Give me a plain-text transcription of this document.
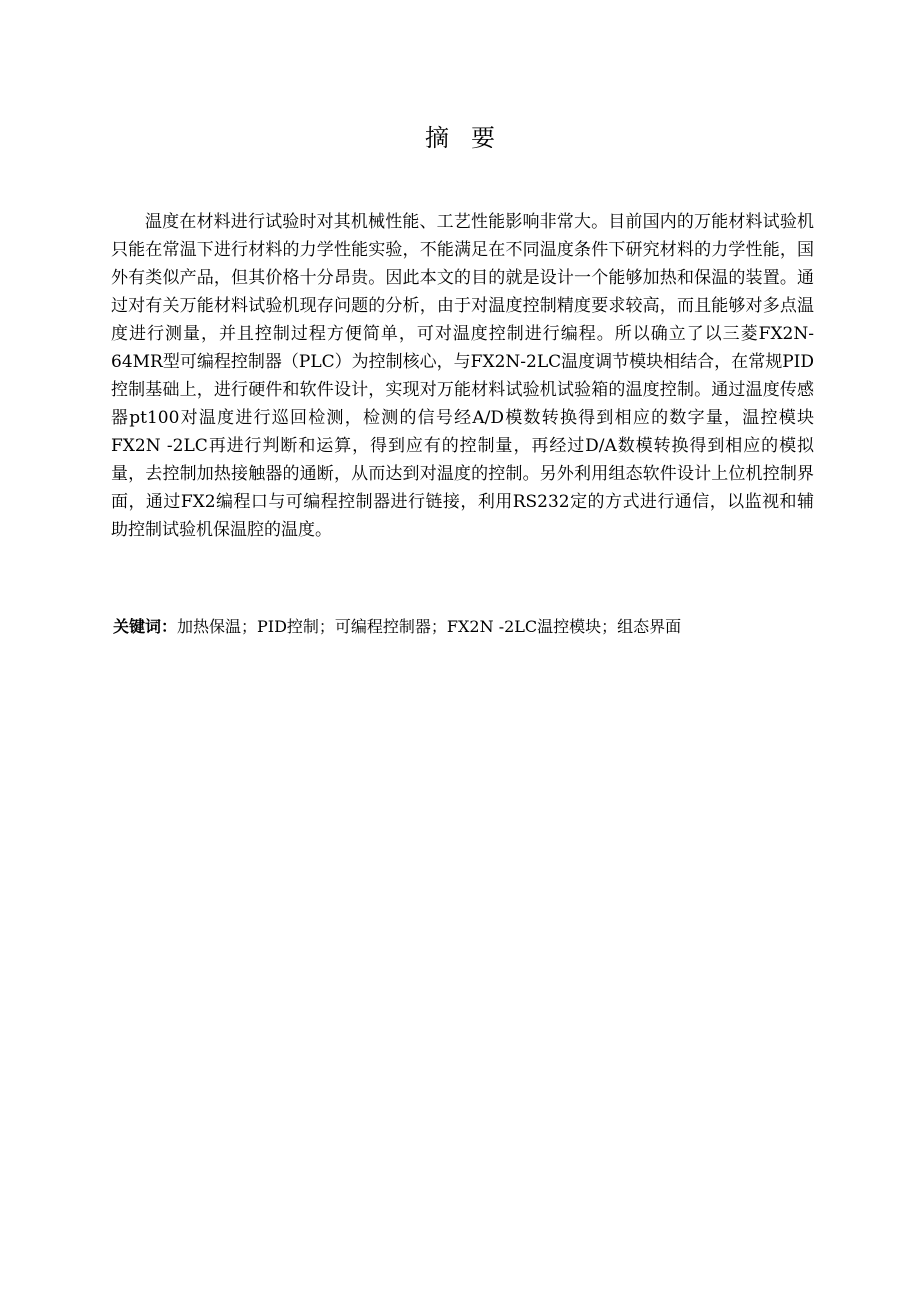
摘要

温度在材料进行试验时对其机械性能、工艺性能影响非常大。目前国内的万能材料试验机只能在常温下进行材料的力学性能实验，不能满足在不同温度条件下研究材料的力学性能，国外有类似产品，但其价格十分昂贵。因此本文的目的就是设计一个能够加热和保温的装置。通过对有关万能材料试验机现存问题的分析，由于对温度控制精度要求较高，而且能够对多点温度进行测量，并且控制过程方便简单，可对温度控制进行编程。所以确立了以三菱FX2N-64MR型可编程控制器（PLC）为控制核心，与FX2N-2LC温度调节模块相结合，在常规PID控制基础上，进行硬件和软件设计，实现对万能材料试验机试验箱的温度控制。通过温度传感器pt100对温度进行巡回检测，检测的信号经A/D模数转换得到相应的数字量，温控模块FX2N -2LC再进行判断和运算，得到应有的控制量，再经过D/A数模转换得到相应的模拟量，去控制加热接触器的通断，从而达到对温度的控制。另外利用组态软件设计上位机控制界面，通过FX2编程口与可编程控制器进行链接，利用RS232定的方式进行通信，以监视和辅助控制试验机保温腔的温度。

关键词：加热保温；PID控制；可编程控制器；FX2N -2LC温控模块；组态界面
